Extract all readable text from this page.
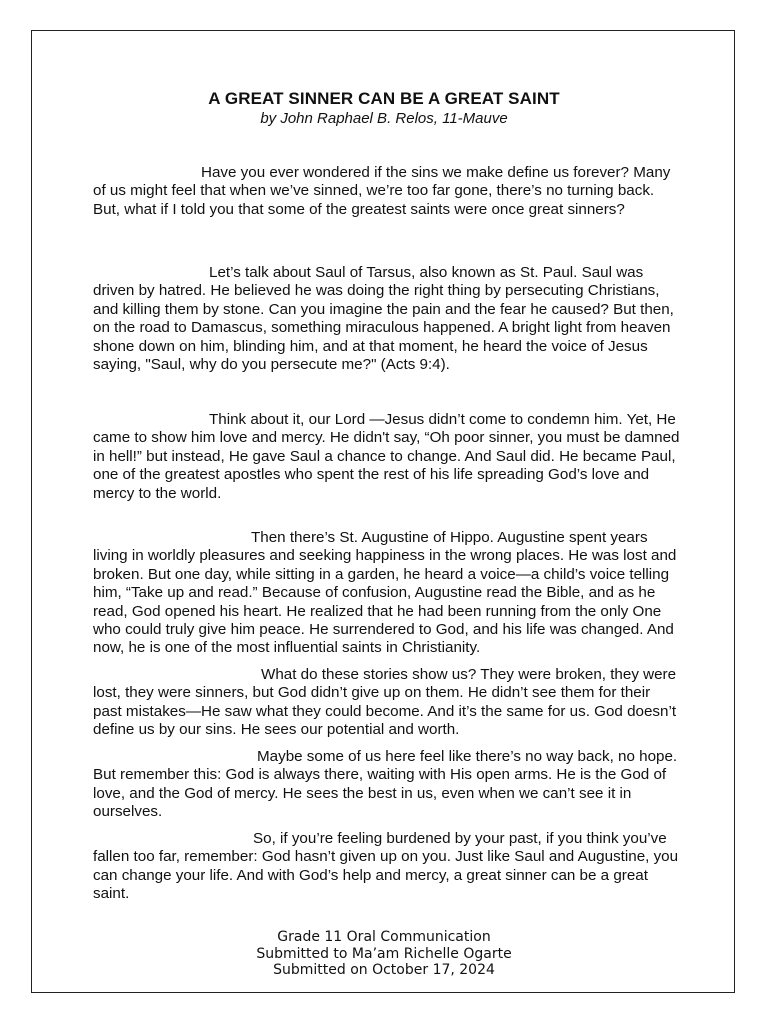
A GREAT SINNER CAN BE A GREAT SAINT
by John Raphael B. Relos, 11-Mauve

Have you ever wondered if the sins we make define us forever? Many of us might feel that when we’ve sinned, we’re too far gone, there’s no turning back. But, what if I told you that some of the greatest saints were once great sinners?

Let’s talk about Saul of Tarsus, also known as St. Paul. Saul was driven by hatred. He believed he was doing the right thing by persecuting Christians, and killing them by stone. Can you imagine the pain and the fear he caused? But then, on the road to Damascus, something miraculous happened. A bright light from heaven shone down on him, blinding him, and at that moment, he heard the voice of Jesus saying, "Saul, why do you persecute me?" (Acts 9:4).

Think about it, our Lord —Jesus didn’t come to condemn him. Yet, He came to show him love and mercy. He didn't say, “Oh poor sinner, you must be damned in hell!” but instead, He gave Saul a chance to change. And Saul did. He became Paul, one of the greatest apostles who spent the rest of his life spreading God’s love and mercy to the world.

Then there’s St. Augustine of Hippo. Augustine spent years living in worldly pleasures and seeking happiness in the wrong places. He was lost and broken. But one day, while sitting in a garden, he heard a voice—a child’s voice telling him, “Take up and read.” Because of confusion, Augustine read the Bible, and as he read, God opened his heart. He realized that he had been running from the only One who could truly give him peace. He surrendered to God, and his life was changed. And now, he is one of the most influential saints in Christianity.

What do these stories show us? They were broken, they were lost, they were sinners, but God didn’t give up on them. He didn’t see them for their past mistakes—He saw what they could become. And it’s the same for us. God doesn’t define us by our sins. He sees our potential and worth.

Maybe some of us here feel like there’s no way back, no hope. But remember this: God is always there, waiting with His open arms. He is the God of love, and the God of mercy. He sees the best in us, even when we can’t see it in ourselves.

So, if you’re feeling burdened by your past, if you think you’ve fallen too far, remember: God hasn’t given up on you. Just like Saul and Augustine, you can change your life. And with God’s help and mercy, a great sinner can be a great saint.

Grade 11 Oral Communication
Submitted to Ma’am Richelle Ogarte
Submitted on October 17, 2024
